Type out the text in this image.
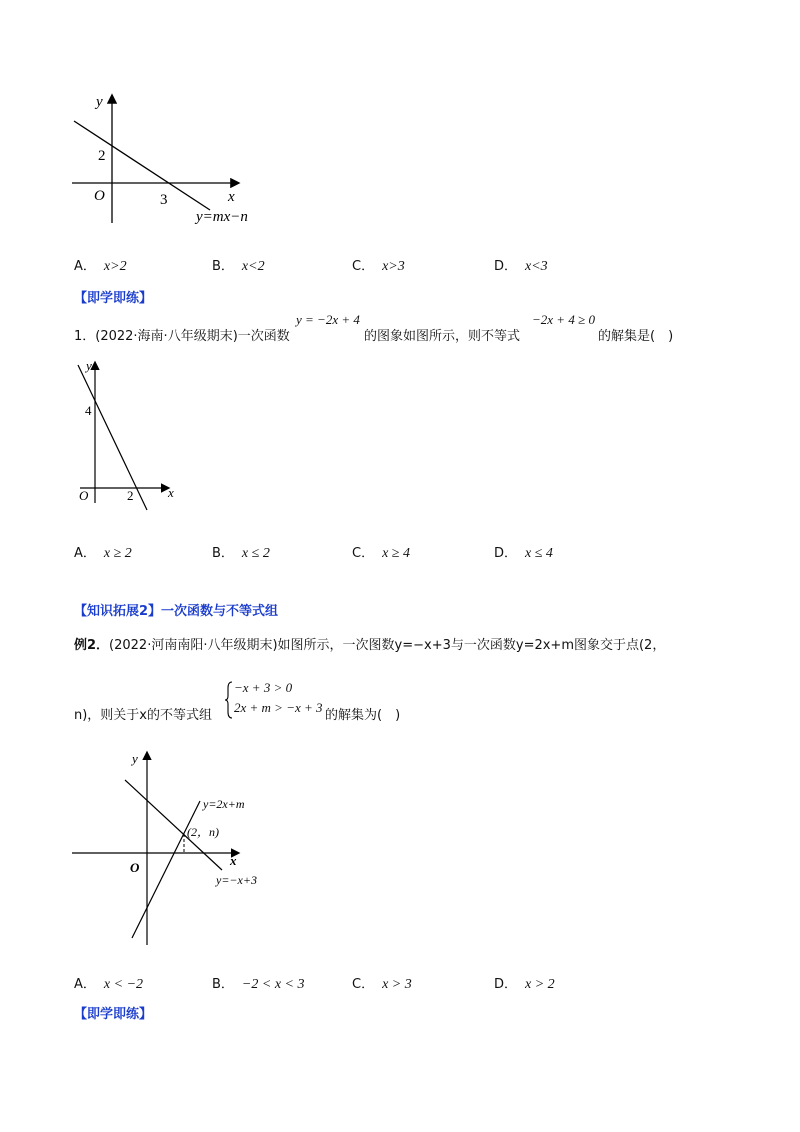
y
x
O
2
3
y=mx−n
A． x>2	B． x<2	C． x>3	D． x<3
【即学即练】
1．(2022·海南·八年级期末)一次函数
y = −2x + 4
的图象如图所示，则不等式
−2x + 4 ≥ 0
的解集是(　)
y
x
O
4
2
A． x ≥ 2	B． x ≤ 2	C． x ≥ 4	D． x ≤ 4
【知识拓展2】一次函数与不等式组
例2．(2022·河南南阳·八年级期末)如图所示，一次图数y=−x+3与一次函数y=2x+m图象交于点(2，
n)，则关于x的不等式组
−x + 3 > 0
2x + m > −x + 3
的解集为(　)
y
x
O
y=2x+m
y=−x+3
(2，n)
A． x < −2	B． −2 < x < 3	C． x > 3	D． x > 2
【即学即练】
